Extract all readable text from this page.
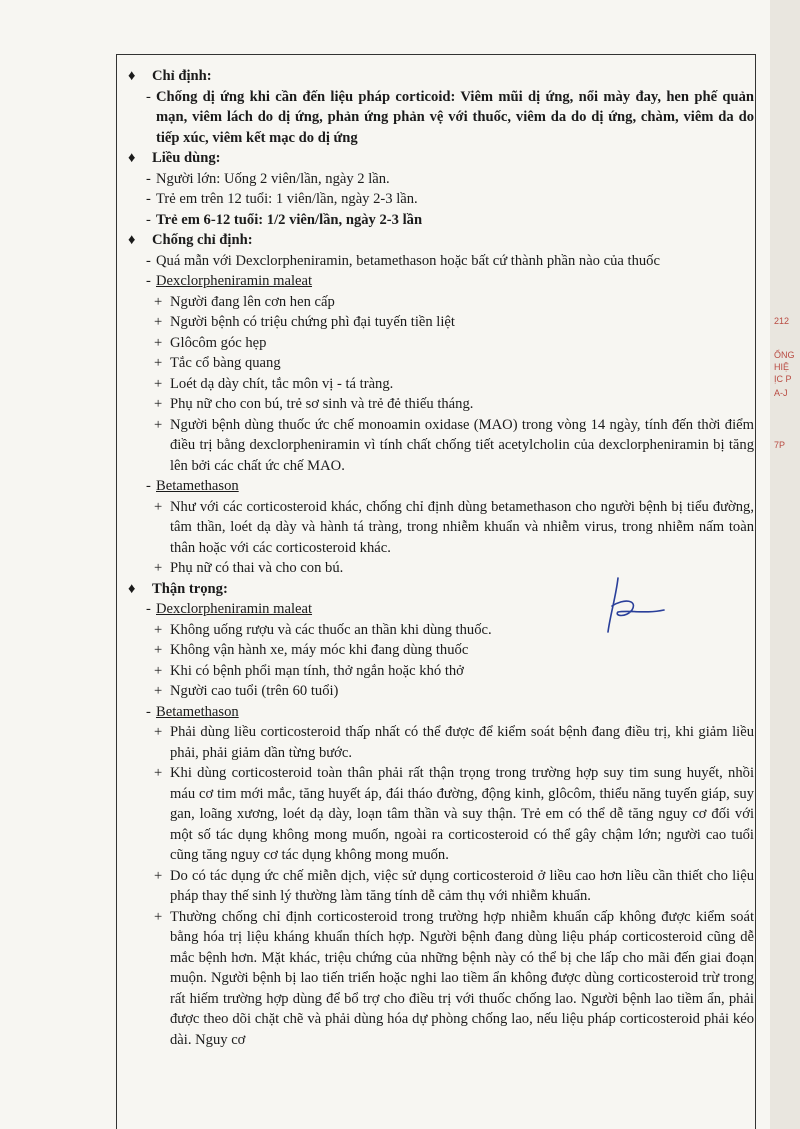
212
ỔNG
HIỆ
ỊC P
A-J
7P
♦	Chỉ định:
- Chống dị ứng khi cần đến liệu pháp corticoid: Viêm mũi dị ứng, nổi mày đay, hen phế quản mạn, viêm lách do dị ứng, phản ứng phản vệ với thuốc, viêm da do dị ứng, chàm, viêm da do tiếp xúc, viêm kết mạc do dị ứng
♦	Liều dùng:
- Người lớn: Uống 2 viên/lần, ngày 2 lần.
- Trẻ em trên 12 tuổi: 1 viên/lần, ngày 2-3 lần.
- Trẻ em 6-12 tuổi: 1/2 viên/lần, ngày 2-3 lần
♦	Chống chỉ định:
- Quá mẫn với Dexclorpheniramin, betamethason hoặc bất cứ thành phần nào của thuốc
- Dexclorpheniramin maleat
+ Người đang lên cơn hen cấp
+ Người bệnh có triệu chứng phì đại tuyến tiền liệt
+ Glôcôm góc hẹp
+ Tắc cổ bàng quang
+ Loét dạ dày chít, tắc môn vị - tá tràng.
+ Phụ nữ cho con bú, trẻ sơ sinh và trẻ đẻ thiếu tháng.
+ Người bệnh dùng thuốc ức chế monoamin oxidase (MAO) trong vòng 14 ngày, tính đến thời điểm điều trị bằng dexclorpheniramin vì tính chất chống tiết acetylcholin của dexclorpheniramin bị tăng lên bởi các chất ức chế MAO.
- Betamethason
+ Như với các corticosteroid khác, chống chỉ định dùng betamethason cho người bệnh bị tiểu đường, tâm thần, loét dạ dày và hành tá tràng, trong nhiễm khuẩn và nhiễm virus, trong nhiễm nấm toàn thân hoặc với các corticosteroid khác.
+ Phụ nữ có thai và cho con bú.
♦	Thận trọng:
- Dexclorpheniramin maleat
+ Không uống rượu và các thuốc an thần khi dùng thuốc.
+ Không vận hành xe, máy móc khi đang dùng thuốc
+ Khi có bệnh phổi mạn tính, thở ngắn hoặc khó thở
+ Người cao tuổi (trên 60 tuổi)
- Betamethason
+ Phải dùng liều corticosteroid thấp nhất có thể được để kiểm soát bệnh đang điều trị, khi giảm liều phải, phải giảm dần từng bước.
+ Khi dùng corticosteroid toàn thân phải rất thận trọng trong trường hợp suy tim sung huyết, nhồi máu cơ tim mới mắc, tăng huyết áp, đái tháo đường, động kinh, glôcôm, thiểu năng tuyến giáp, suy gan, loãng xương, loét dạ dày, loạn tâm thần và suy thận. Trẻ em có thể dễ tăng nguy cơ đối với một số tác dụng không mong muốn, ngoài ra corticosteroid có thể gây chậm lớn; người cao tuổi cũng tăng nguy cơ tác dụng không mong muốn.
+ Do có tác dụng ức chế miễn dịch, việc sử dụng corticosteroid ở liều cao hơn liều cần thiết cho liệu pháp thay thế sinh lý thường làm tăng tính dễ cảm thụ với nhiễm khuẩn.
+ Thường chống chỉ định corticosteroid trong trường hợp nhiễm khuẩn cấp không được kiểm soát bằng hóa trị liệu kháng khuẩn thích hợp. Người bệnh đang dùng liệu pháp corticosteroid cũng dễ mắc bệnh hơn. Mặt khác, triệu chứng của những bệnh này có thể bị che lấp cho mãi đến giai đoạn muộn. Người bệnh bị lao tiến triển hoặc nghi lao tiềm ẩn không được dùng corticosteroid trừ trong rất hiếm trường hợp dùng để bổ trợ cho điều trị với thuốc chống lao. Người bệnh lao tiềm ẩn, phải được theo dõi chặt chẽ và phải dùng hóa dự phòng chống lao, nếu liệu pháp corticosteroid phải kéo dài. Nguy cơ
